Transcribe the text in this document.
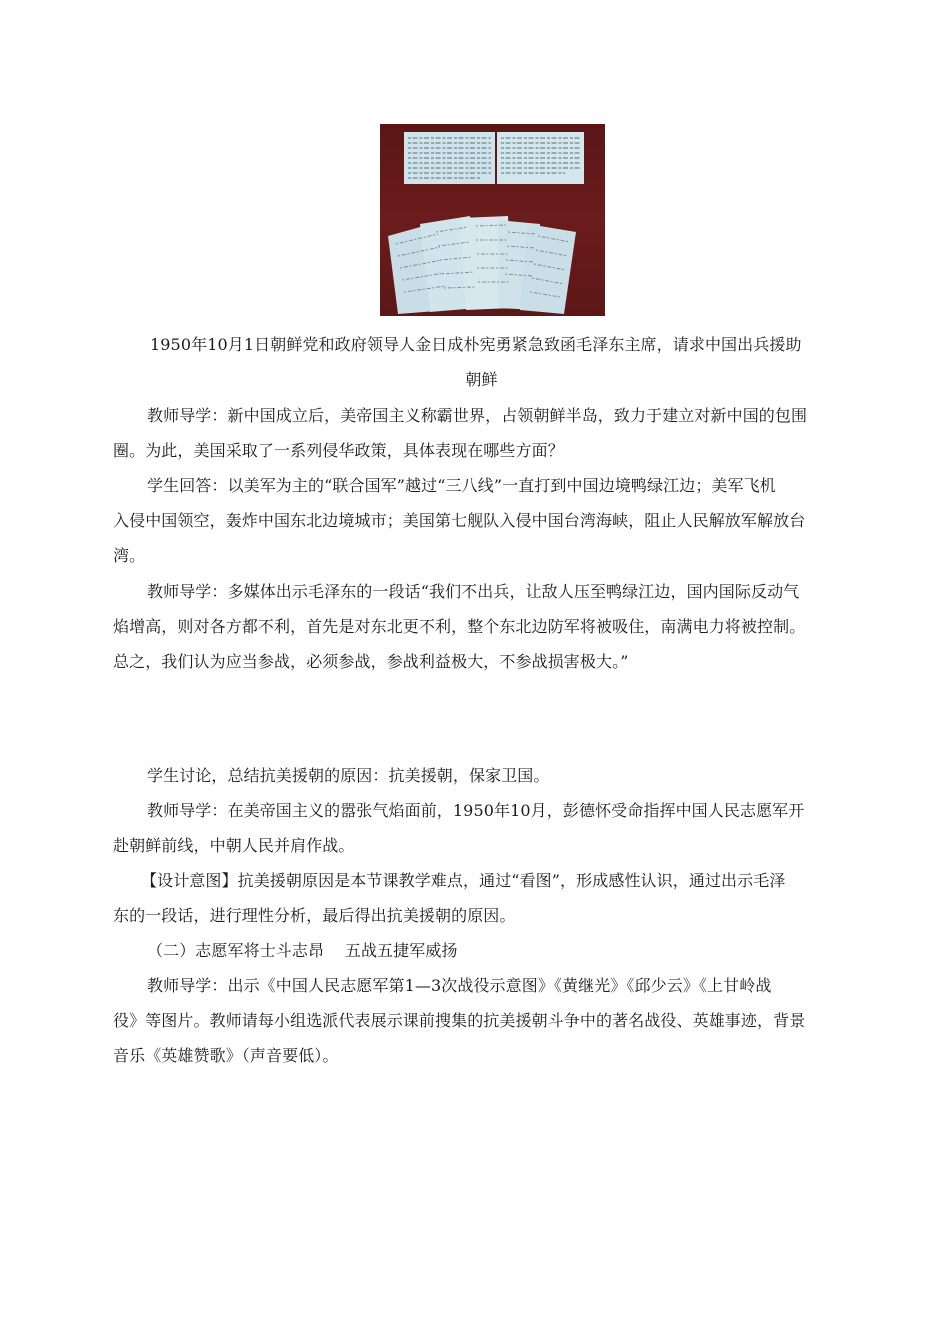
1950年10月1日朝鲜党和政府领导人金日成朴宪勇紧急致函毛泽东主席，请求中国出兵援助
朝鲜
教师导学：新中国成立后，美帝国主义称霸世界，占领朝鲜半岛，致力于建立对新中国的包围
圈。为此，美国采取了一系列侵华政策，具体表现在哪些方面？
学生回答：以美军为主的“联合国军”越过“三八线”一直打到中国边境鸭绿江边；美军飞机
入侵中国领空，轰炸中国东北边境城市；美国第七舰队入侵中国台湾海峡，阻止人民解放军解放台
湾。
教师导学：多媒体出示毛泽东的一段话“我们不出兵，让敌人压至鸭绿江边，国内国际反动气
焰增高，则对各方都不利，首先是对东北更不利，整个东北边防军将被吸住，南满电力将被控制。
总之，我们认为应当参战，必须参战，参战利益极大，不参战损害极大。”
学生讨论，总结抗美援朝的原因：抗美援朝，保家卫国。
教师导学：在美帝国主义的嚣张气焰面前，1950年10月，彭德怀受命指挥中国人民志愿军开
赴朝鲜前线，中朝人民并肩作战。
【设计意图】抗美援朝原因是本节课教学难点，通过“看图”，形成感性认识，通过出示毛泽
东的一段话，进行理性分析，最后得出抗美援朝的原因。
（二）志愿军将士斗志昂    五战五捷军威扬
教师导学：出示《中国人民志愿军第1—3次战役示意图》《黄继光》《邱少云》《上甘岭战
役》等图片。教师请每小组选派代表展示课前搜集的抗美援朝斗争中的著名战役、英雄事迹，背景
音乐《英雄赞歌》（声音要低）。
